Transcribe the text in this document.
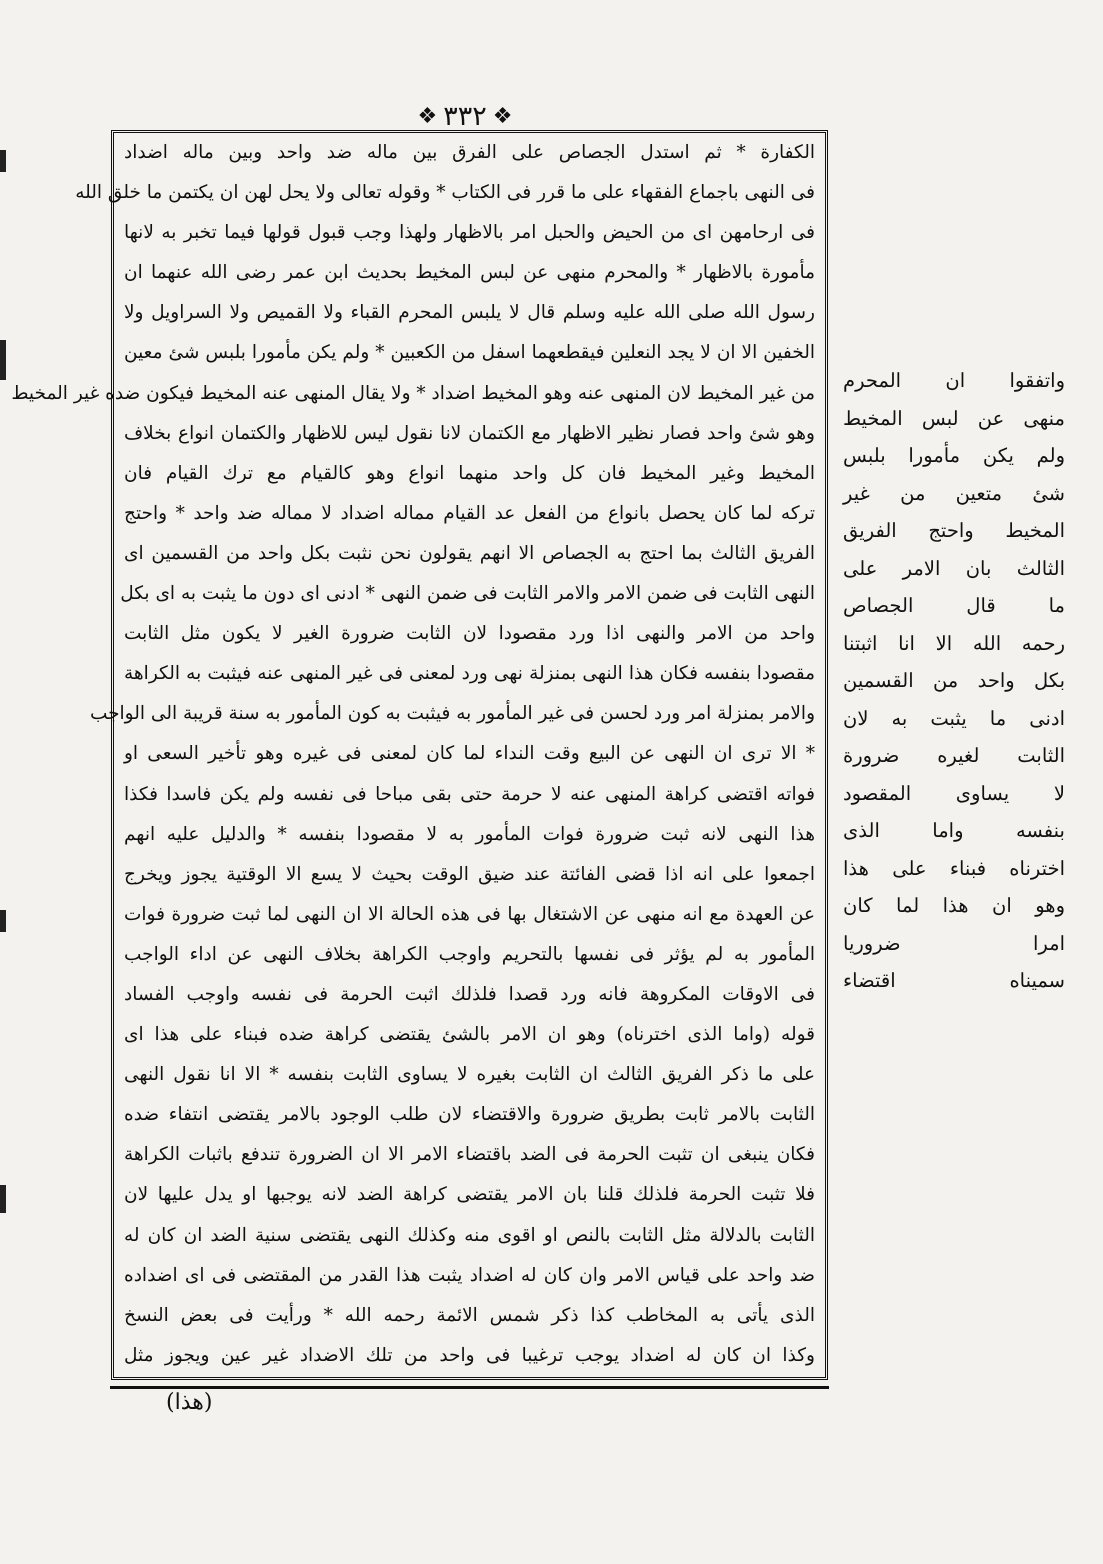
❖
٣٣٢
❖
الكفارة * ثم استدل الجصاص على الفرق بين ماله ضد واحد وبين ماله اضداد
فى النهى باجماع الفقهاء على ما قرر فى الكتاب * وقوله تعالى ولا يحل لهن ان يكتمن ما خلق الله
فى ارحامهن اى من الحيض والحبل امر بالاظهار ولهذا وجب قبول قولها فيما تخبر به لانها
مأمورة بالاظهار * والمحرم منهى عن لبس المخيط بحديث ابن عمر رضى الله عنهما ان
رسول الله صلى الله عليه وسلم قال لا يلبس المحرم القباء ولا القميص ولا السراويل ولا
الخفين الا ان لا يجد النعلين فيقطعهما اسفل من الكعبين * ولم يكن مأمورا بلبس شئ معين
من غير المخيط لان المنهى عنه وهو المخيط اضداد * ولا يقال المنهى عنه المخيط فيكون ضده غير المخيط
وهو شئ واحد فصار نظير الاظهار مع الكتمان لانا نقول ليس للاظهار والكتمان انواع بخلاف
المخيط وغير المخيط فان كل واحد منهما انواع وهو كالقيام مع ترك القيام فان
تركه لما كان يحصل بانواع من الفعل عد القيام مماله اضداد لا مماله ضد واحد * واحتج
الفريق الثالث بما احتج به الجصاص الا انهم يقولون نحن نثبت بكل واحد من القسمين اى
النهى الثابت فى ضمن الامر والامر الثابت فى ضمن النهى * ادنى اى دون ما يثبت به اى بكل
واحد من الامر والنهى اذا ورد مقصودا لان الثابت ضرورة الغير لا يكون مثل الثابت
مقصودا بنفسه فكان هذا النهى بمنزلة نهى ورد لمعنى فى غير المنهى عنه فيثبت به الكراهة
والامر بمنزلة امر ورد لحسن فى غير المأمور به فيثبت به كون المأمور به سنة قريبة الى الواجب
* الا ترى ان النهى عن البيع وقت النداء لما كان لمعنى فى غيره وهو تأخير السعى او
فواته اقتضى كراهة المنهى عنه لا حرمة حتى بقى مباحا فى نفسه ولم يكن فاسدا فكذا
هذا النهى لانه ثبت ضرورة فوات المأمور به لا مقصودا بنفسه * والدليل عليه انهم
اجمعوا على انه اذا قضى الفائتة عند ضيق الوقت بحيث لا يسع الا الوقتية يجوز ويخرج
عن العهدة مع انه منهى عن الاشتغال بها فى هذه الحالة الا ان النهى لما ثبت ضرورة فوات
المأمور به لم يؤثر فى نفسها بالتحريم واوجب الكراهة بخلاف النهى عن اداء الواجب
فى الاوقات المكروهة فانه ورد قصدا فلذلك اثبت الحرمة فى نفسه واوجب الفساد
قوله (واما الذى اخترناه) وهو ان الامر بالشئ يقتضى كراهة ضده فبناء على هذا اى
على ما ذكر الفريق الثالث ان الثابت بغيره لا يساوى الثابت بنفسه * الا انا نقول النهى
الثابت بالامر ثابت بطريق ضرورة والاقتضاء لان طلب الوجود بالامر يقتضى انتفاء ضده
فكان ينبغى ان تثبت الحرمة فى الضد باقتضاء الامر الا ان الضرورة تندفع باثبات الكراهة
فلا تثبت الحرمة فلذلك قلنا بان الامر يقتضى كراهة الضد لانه يوجبها او يدل عليها لان
الثابت بالدلالة مثل الثابت بالنص او اقوى منه وكذلك النهى يقتضى سنية الضد ان كان له
ضد واحد على قياس الامر وان كان له اضداد يثبت هذا القدر من المقتضى فى اى اضداده
الذى يأتى به المخاطب كذا ذكر شمس الائمة رحمه الله * ورأيت فى بعض النسخ
وكذا ان كان له اضداد يوجب ترغيبا فى واحد من تلك الاضداد غير عين ويجوز مثل
واتفقوا ان المحرم
منهى عن لبس المخيط
ولم يكن مأمورا بلبس
شئ متعين من غير
المخيط واحتج الفريق
الثالث بان الامر على
ما قال الجصاص
رحمه الله الا انا اثبتنا
بكل واحد من القسمين
ادنى ما يثبت به لان
الثابت لغيره ضرورة
لا يساوى المقصود
بنفسه واما الذى
اخترناه فبناء على هذا
وهو ان هذا لما كان
امرا ضروريا
سميناه اقتضاء
(هذا)
